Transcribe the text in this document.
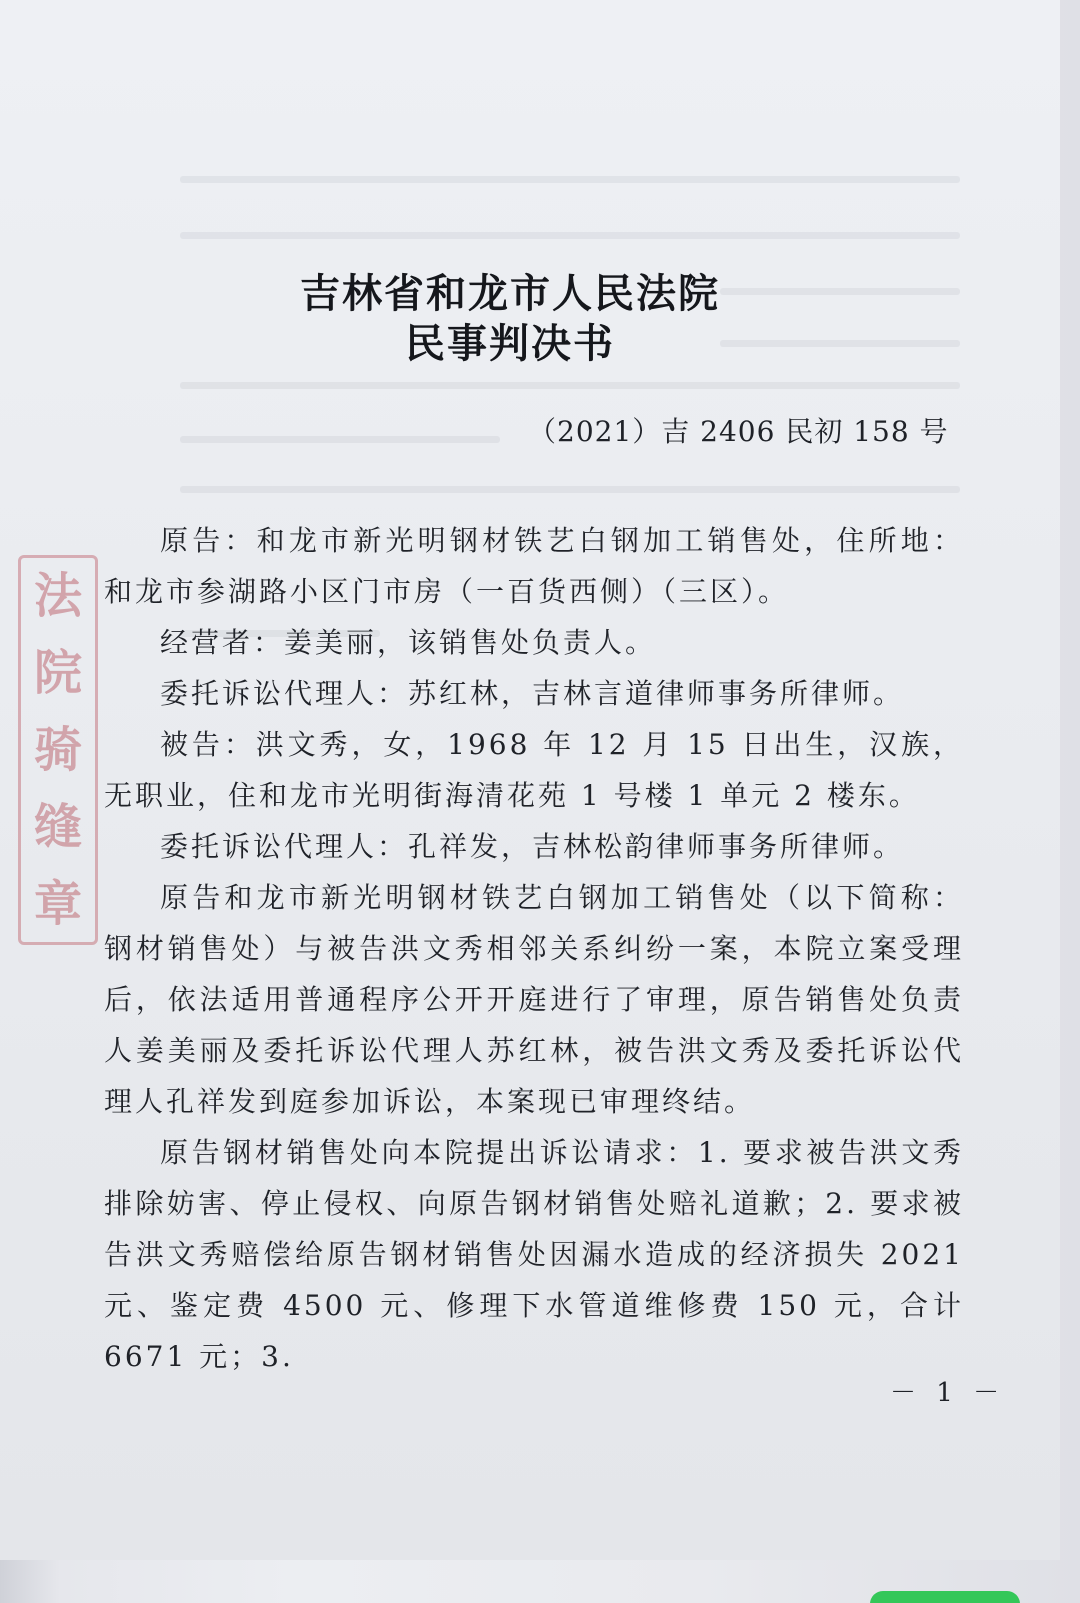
法
院
骑
缝
章
吉林省和龙市人民法院
民事判决书
（2021）吉 2406 民初 158 号

原告：和龙市新光明钢材铁艺白钢加工销售处，住所地：和龙市参湖路小区门市房（一百货西侧）（三区）。

经营者：姜美丽，该销售处负责人。

委托诉讼代理人：苏红林，吉林言道律师事务所律师。

被告：洪文秀，女，1968 年 12 月 15 日出生，汉族，无职业，住和龙市光明街海清花苑 1 号楼 1 单元 2 楼东。

委托诉讼代理人：孔祥发，吉林松韵律师事务所律师。

原告和龙市新光明钢材铁艺白钢加工销售处（以下简称：钢材销售处）与被告洪文秀相邻关系纠纷一案，本院立案受理后，依法适用普通程序公开开庭进行了审理，原告销售处负责人姜美丽及委托诉讼代理人苏红林，被告洪文秀及委托诉讼代理人孔祥发到庭参加诉讼，本案现已审理终结。

原告钢材销售处向本院提出诉讼请求：1. 要求被告洪文秀排除妨害、停止侵权、向原告钢材销售处赔礼道歉；2. 要求被告洪文秀赔偿给原告钢材销售处因漏水造成的经济损失 2021 元、鉴定费 4500 元、修理下水管道维修费 150 元，合计 6671 元；3.

－ 1 －
